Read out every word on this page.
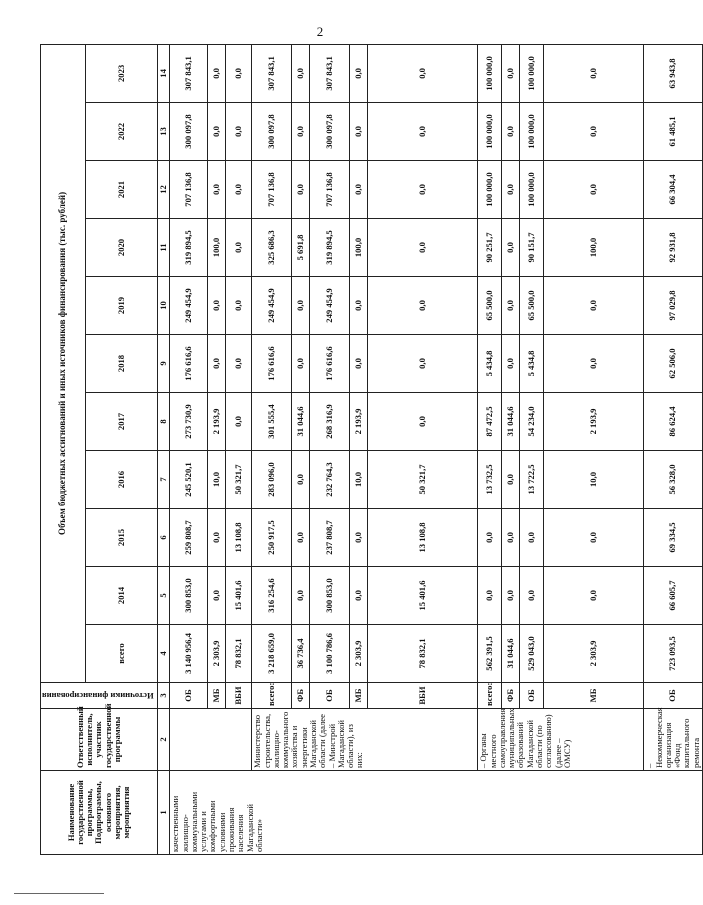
2
Наименование государственной программы, Подпрограммы, основного мероприятия, мероприятия	Ответственный исполнитель, участник государственной программы	Источники финансирования	Объем бюджетных ассигнований и иных источников финансирования (тыс. рублей)										
			всего	2014	2015	2016	2017	2018	2019	2020	2021	2022	2023
1	2	3	4	5	6	7	8	9	10	11	12	13	14
качественными жилищно-коммунальными услугами и комфортными условиями проживания населения Магаданской области»		ОБ	3 140 956,4	300 853,0	259 808,7	245 520,1	273 730,9	176 616,6	249 454,9	319 894,5	707 136,8	300 097,8	307 843,1
		МБ	2 303,9	0,0	0,0	10,0	2 193,9	0,0	0,0	100,0	0,0	0,0	0,0
		ВБИ	78 832,1	15 401,6	13 108,8	50 321,7	0,0	0,0	0,0	0,0	0,0	0,0	0,0
	Министерство строительства, жилищно-коммунального хозяйства и энергетики Магаданской области (далее – Минстрой Магаданской области), из них:	всего:	3 218 659,0	316 254,6	250 917,5	283 096,0	301 555,4	176 616,6	249 454,9	325 686,3	707 136,8	300 097,8	307 843,1
		ФБ	36 736,4	0,0	0,0	0,0	31 044,6	0,0	0,0	5 691,8	0,0	0,0	0,0
		ОБ	3 100 786,6	300 853,0	237 808,7	232 764,3	268 316,9	176 616,6	249 454,9	319 894,5	707 136,8	300 097,8	307 843,1
		МБ	2 303,9	0,0	0,0	10,0	2 193,9	0,0	0,0	100,0	0,0	0,0	0,0
		ВБИ	78 832,1	15 401,6	13 108,8	50 321,7	0,0	0,0	0,0	0,0	0,0	0,0	0,0
	– Органы местного самоуправления муниципальных образований Магаданской области (по согласованию) (далее – ОМСУ)	всего:	562 391,5	0,0	0,0	13 732,5	87 472,5	5 434,8	65 500,0	90 251,7	100 000,0	100 000,0	100 000,0
		ФБ	31 044,6	0,0	0,0	0,0	31 044,6	0,0	0,0	0,0	0,0	0,0	0,0
		ОБ	529 043,0	0,0	0,0	13 722,5	54 234,0	5 434,8	65 500,0	90 151,7	100 000,0	100 000,0	100 000,0
		МБ	2 303,9	0,0	0,0	10,0	2 193,9	0,0	0,0	100,0	0,0	0,0	0,0
	– Некоммерческая организация «Фонд капитального ремонта	ОБ	723 093,5	66 605,7	69 334,5	56 328,0	86 624,4	62 506,0	97 029,8	92 931,8	66 304,4	61 485,1	63 943,8
